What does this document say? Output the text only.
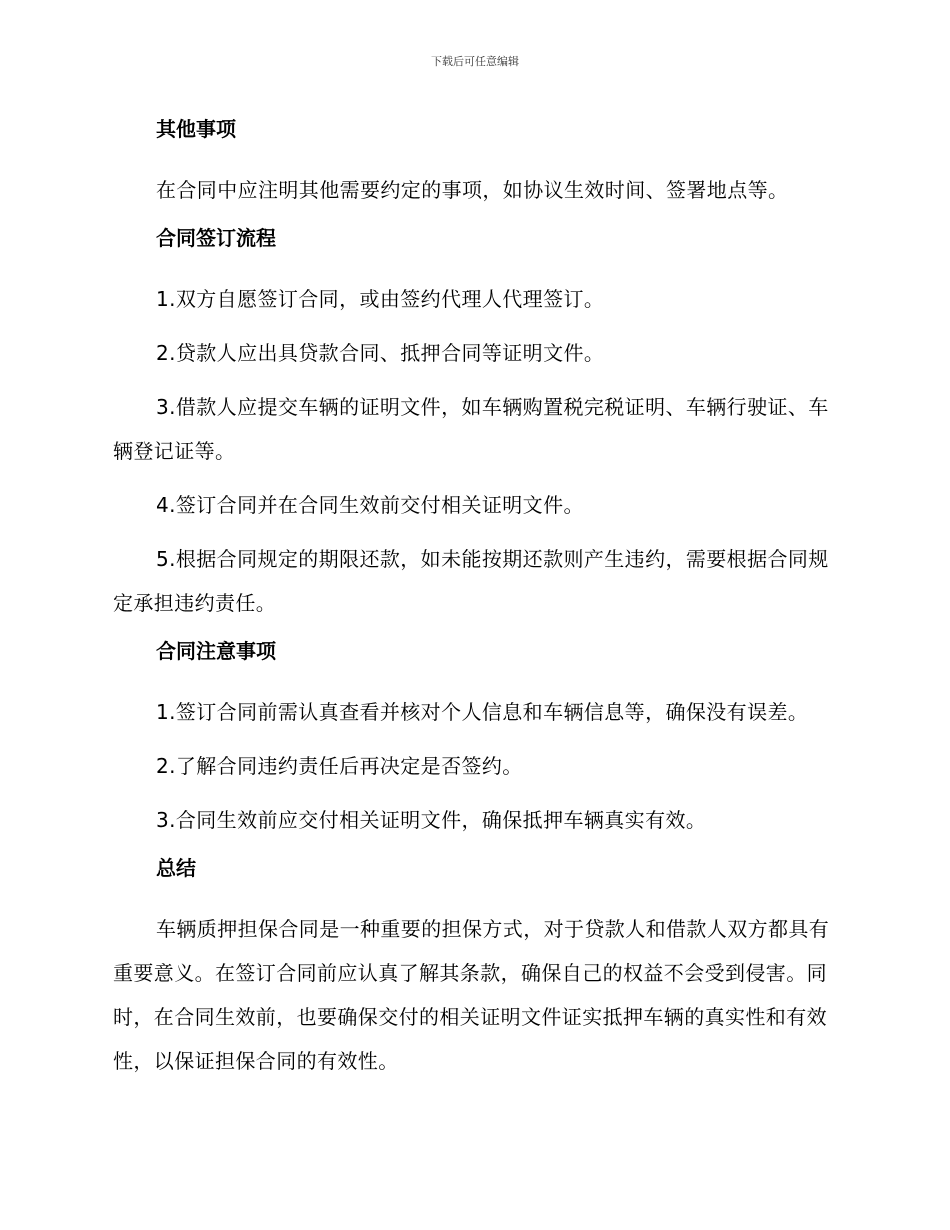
下载后可任意编辑
其他事项

在合同中应注明其他需要约定的事项，如协议生效时间、签署地点等。

合同签订流程

1.双方自愿签订合同，或由签约代理人代理签订。

2.贷款人应出具贷款合同、抵押合同等证明文件。

3.借款人应提交车辆的证明文件，如车辆购置税完税证明、车辆行驶证、车辆登记证等。

4.签订合同并在合同生效前交付相关证明文件。

5.根据合同规定的期限还款，如未能按期还款则产生违约，需要根据合同规定承担违约责任。

合同注意事项

1.签订合同前需认真查看并核对个人信息和车辆信息等，确保没有误差。

2.了解合同违约责任后再决定是否签约。

3.合同生效前应交付相关证明文件，确保抵押车辆真实有效。

总结

车辆质押担保合同是一种重要的担保方式，对于贷款人和借款人双方都具有重要意义。在签订合同前应认真了解其条款，确保自己的权益不会受到侵害。同时，在合同生效前，也要确保交付的相关证明文件证实抵押车辆的真实性和有效性，以保证担保合同的有效性。
